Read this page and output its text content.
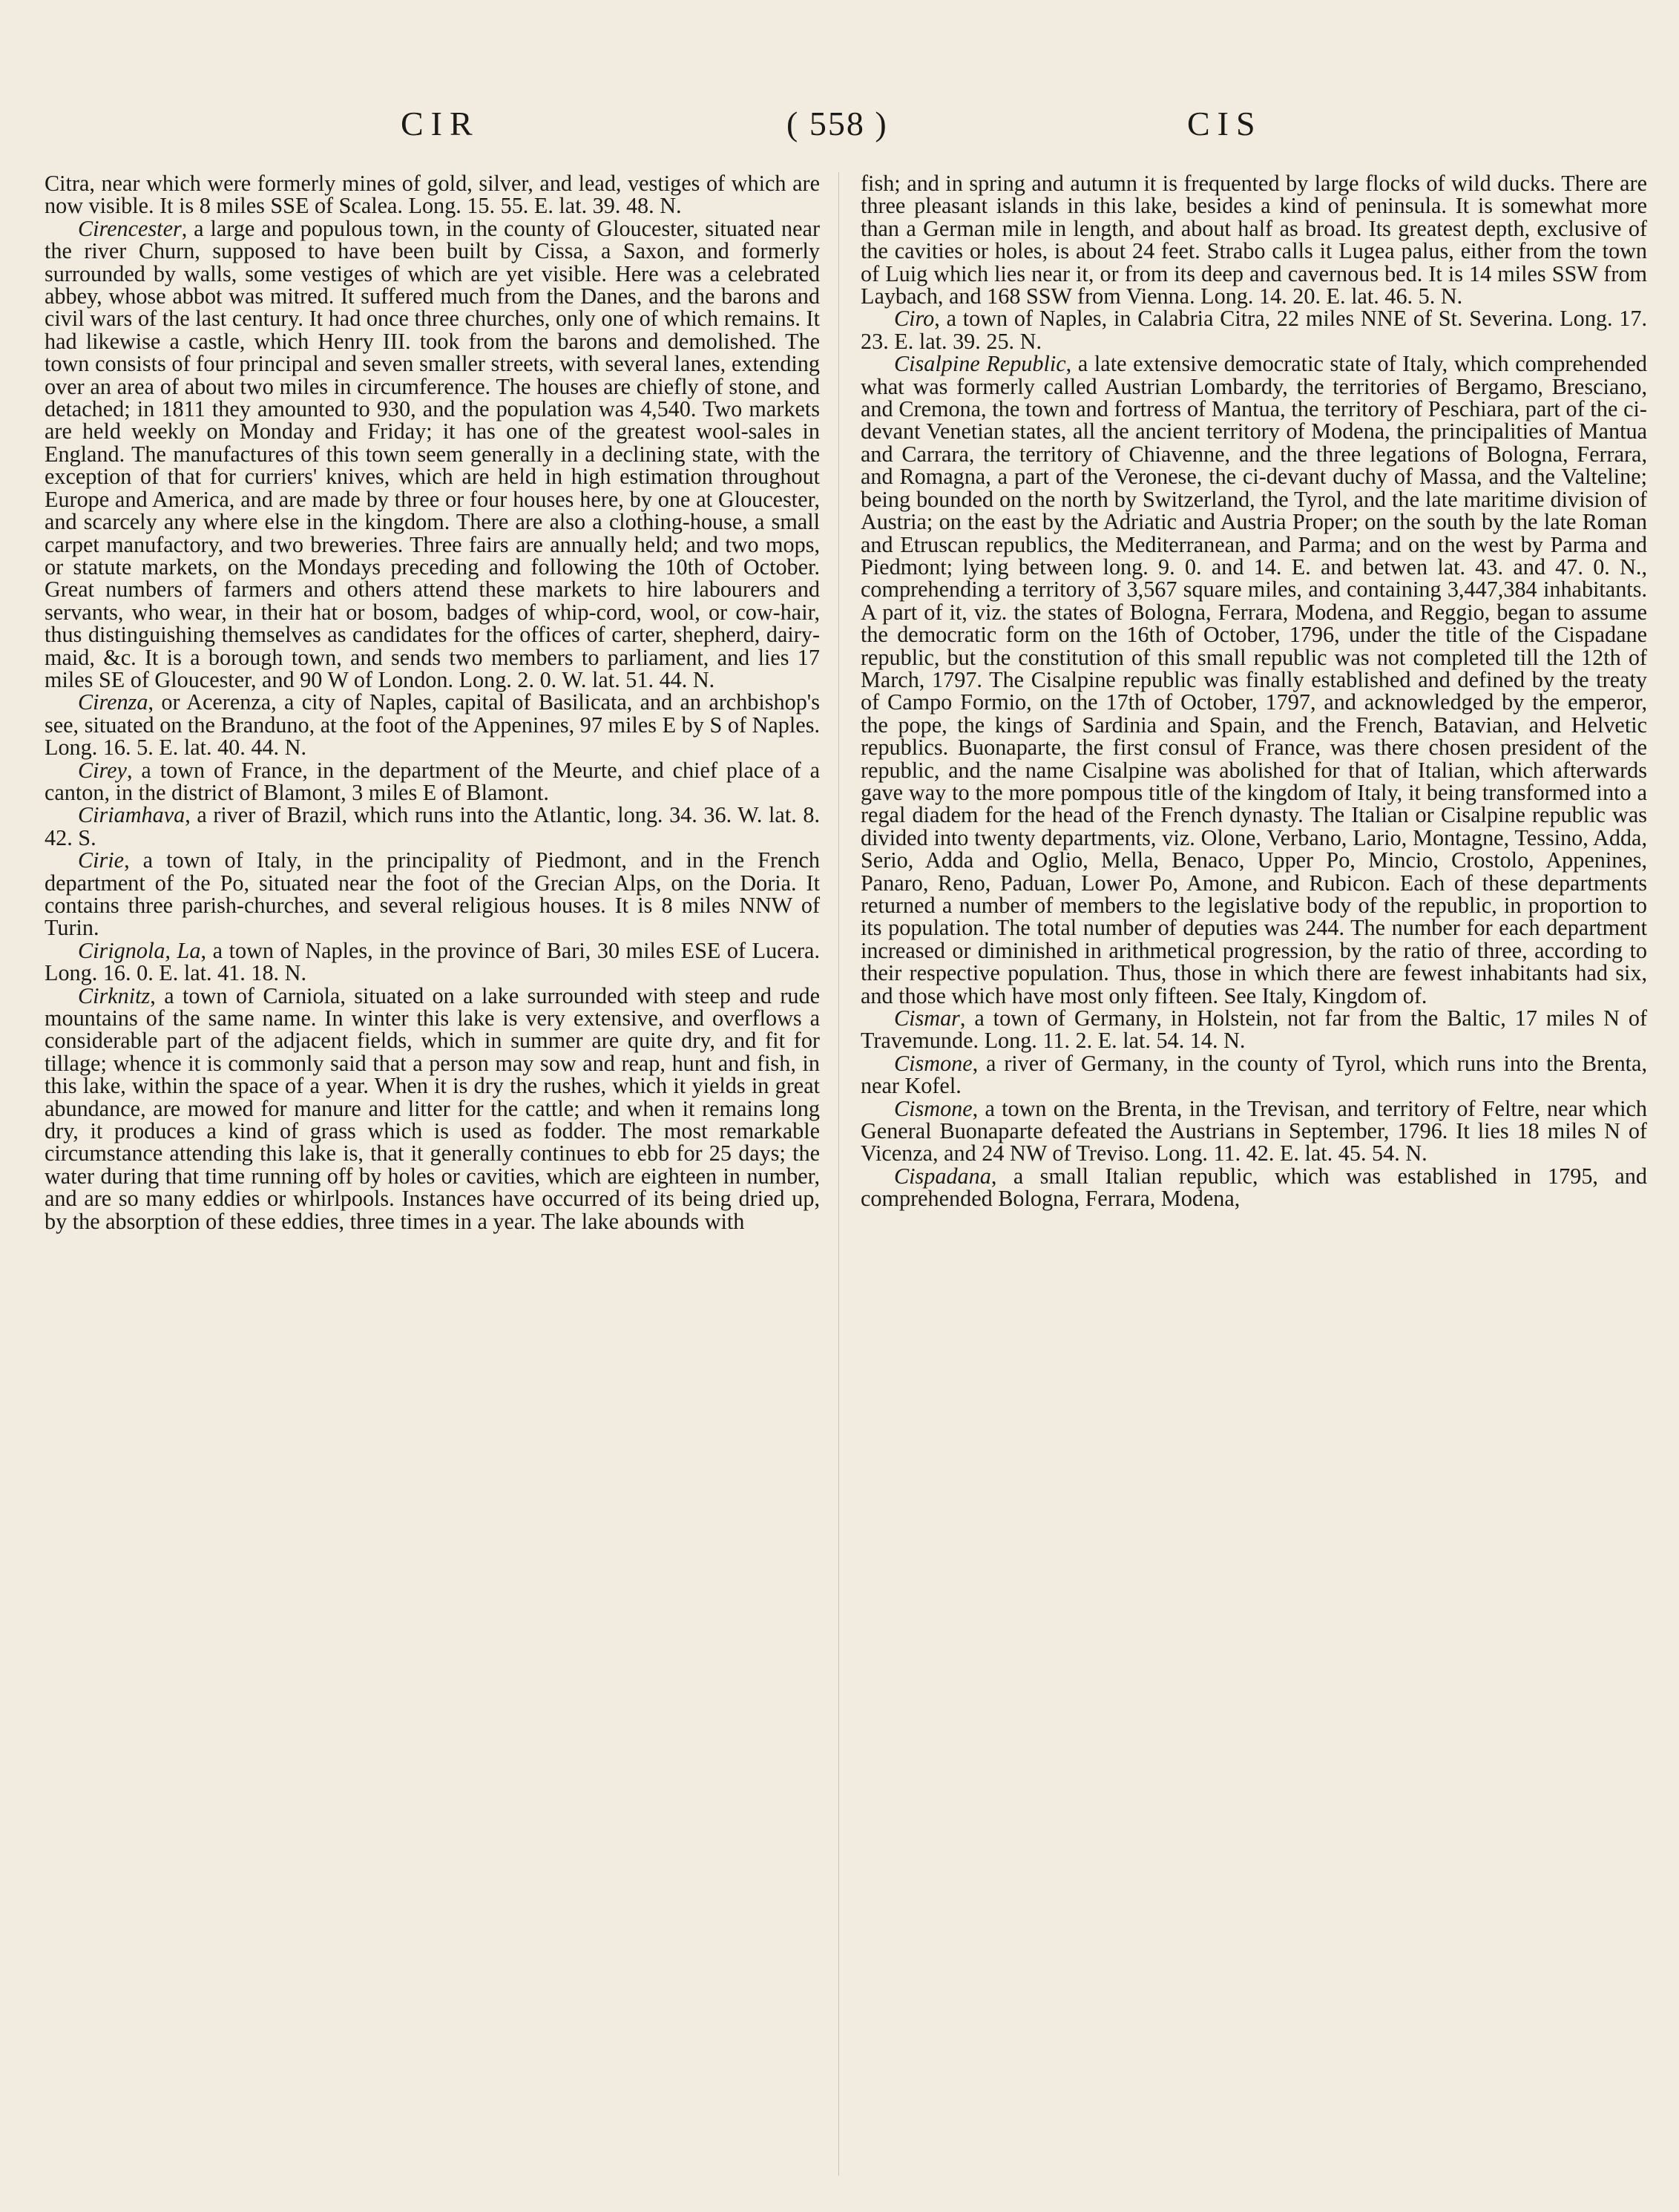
CIR	( 558 )	CIS

Citra, near which were formerly mines of gold, silver, and lead, vestiges of which are now visible. It is 8 miles SSE of Scalea. Long. 15. 55. E. lat. 39. 48. N.

Cirencester, a large and populous town, in the county of Gloucester, situated near the river Churn, supposed to have been built by Cissa, a Saxon, and formerly surrounded by walls, some vestiges of which are yet visible. Here was a celebrated abbey, whose abbot was mitred. It suffered much from the Danes, and the barons and civil wars of the last century. It had once three churches, only one of which remains. It had likewise a castle, which Henry III. took from the barons and demolished. The town consists of four principal and seven smaller streets, with several lanes, extending over an area of about two miles in circumference. The houses are chiefly of stone, and detached; in 1811 they amounted to 930, and the population was 4,540. Two markets are held weekly on Monday and Friday; it has one of the greatest wool-sales in England. The manufactures of this town seem generally in a declining state, with the exception of that for curriers' knives, which are held in high estimation throughout Europe and America, and are made by three or four houses here, by one at Gloucester, and scarcely any where else in the kingdom. There are also a clothing-house, a small carpet manufactory, and two breweries. Three fairs are annually held; and two mops, or statute markets, on the Mondays preceding and following the 10th of October. Great numbers of farmers and others attend these markets to hire labourers and servants, who wear, in their hat or bosom, badges of whip-cord, wool, or cow-hair, thus distinguishing themselves as candidates for the offices of carter, shepherd, dairy-maid, &c. It is a borough town, and sends two members to parliament, and lies 17 miles SE of Gloucester, and 90 W of London. Long. 2. 0. W. lat. 51. 44. N.

Cirenza, or Acerenza, a city of Naples, capital of Basilicata, and an archbishop's see, situated on the Branduno, at the foot of the Appenines, 97 miles E by S of Naples. Long. 16. 5. E. lat. 40. 44. N.

Cirey, a town of France, in the department of the Meurte, and chief place of a canton, in the district of Blamont, 3 miles E of Blamont.

Ciriamhava, a river of Brazil, which runs into the Atlantic, long. 34. 36. W. lat. 8. 42. S.

Cirie, a town of Italy, in the principality of Piedmont, and in the French department of the Po, situated near the foot of the Grecian Alps, on the Doria. It contains three parish-churches, and several religious houses. It is 8 miles NNW of Turin.

Cirignola, La, a town of Naples, in the province of Bari, 30 miles ESE of Lucera. Long. 16. 0. E. lat. 41. 18. N.

Cirknitz, a town of Carniola, situated on a lake surrounded with steep and rude mountains of the same name. In winter this lake is very extensive, and overflows a considerable part of the adjacent fields, which in summer are quite dry, and fit for tillage; whence it is commonly said that a person may sow and reap, hunt and fish, in this lake, within the space of a year. When it is dry the rushes, which it yields in great abundance, are mowed for manure and litter for the cattle; and when it remains long dry, it produces a kind of grass which is used as fodder. The most remarkable circumstance attending this lake is, that it generally continues to ebb for 25 days; the water during that time running off by holes or cavities, which are eighteen in number, and are so many eddies or whirlpools. Instances have occurred of its being dried up, by the absorption of these eddies, three times in a year. The lake abounds with

fish; and in spring and autumn it is frequented by large flocks of wild ducks. There are three pleasant islands in this lake, besides a kind of peninsula. It is somewhat more than a German mile in length, and about half as broad. Its greatest depth, exclusive of the cavities or holes, is about 24 feet. Strabo calls it Lugea palus, either from the town of Luig which lies near it, or from its deep and cavernous bed. It is 14 miles SSW from Laybach, and 168 SSW from Vienna. Long. 14. 20. E. lat. 46. 5. N.

Ciro, a town of Naples, in Calabria Citra, 22 miles NNE of St. Severina. Long. 17. 23. E. lat. 39. 25. N.

Cisalpine Republic, a late extensive democratic state of Italy, which comprehended what was formerly called Austrian Lombardy, the territories of Bergamo, Bresciano, and Cremona, the town and fortress of Mantua, the territory of Peschiara, part of the ci-devant Venetian states, all the ancient territory of Modena, the principalities of Mantua and Carrara, the territory of Chiavenne, and the three legations of Bologna, Ferrara, and Romagna, a part of the Veronese, the ci-devant duchy of Massa, and the Valteline; being bounded on the north by Switzerland, the Tyrol, and the late maritime division of Austria; on the east by the Adriatic and Austria Proper; on the south by the late Roman and Etruscan republics, the Mediterranean, and Parma; and on the west by Parma and Piedmont; lying between long. 9. 0. and 14. E. and betwen lat. 43. and 47. 0. N., comprehending a territory of 3,567 square miles, and containing 3,447,384 inhabitants. A part of it, viz. the states of Bologna, Ferrara, Modena, and Reggio, began to assume the democratic form on the 16th of October, 1796, under the title of the Cispadane republic, but the constitution of this small republic was not completed till the 12th of March, 1797. The Cisalpine republic was finally established and defined by the treaty of Campo Formio, on the 17th of October, 1797, and acknowledged by the emperor, the pope, the kings of Sardinia and Spain, and the French, Batavian, and Helvetic republics. Buonaparte, the first consul of France, was there chosen president of the republic, and the name Cisalpine was abolished for that of Italian, which afterwards gave way to the more pompous title of the kingdom of Italy, it being transformed into a regal diadem for the head of the French dynasty. The Italian or Cisalpine republic was divided into twenty departments, viz. Olone, Verbano, Lario, Montagne, Tessino, Adda, Serio, Adda and Oglio, Mella, Benaco, Upper Po, Mincio, Crostolo, Appenines, Panaro, Reno, Paduan, Lower Po, Amone, and Rubicon. Each of these departments returned a number of members to the legislative body of the republic, in proportion to its population. The total number of deputies was 244. The number for each department increased or diminished in arithmetical progression, by the ratio of three, according to their respective population. Thus, those in which there are fewest inhabitants had six, and those which have most only fifteen. See Italy, Kingdom of.

Cismar, a town of Germany, in Holstein, not far from the Baltic, 17 miles N of Travemunde. Long. 11. 2. E. lat. 54. 14. N.

Cismone, a river of Germany, in the county of Tyrol, which runs into the Brenta, near Kofel.

Cismone, a town on the Brenta, in the Trevisan, and territory of Feltre, near which General Buonaparte defeated the Austrians in September, 1796. It lies 18 miles N of Vicenza, and 24 NW of Treviso. Long. 11. 42. E. lat. 45. 54. N.

Cispadana, a small Italian republic, which was established in 1795, and comprehended Bologna, Ferrara, Modena,
